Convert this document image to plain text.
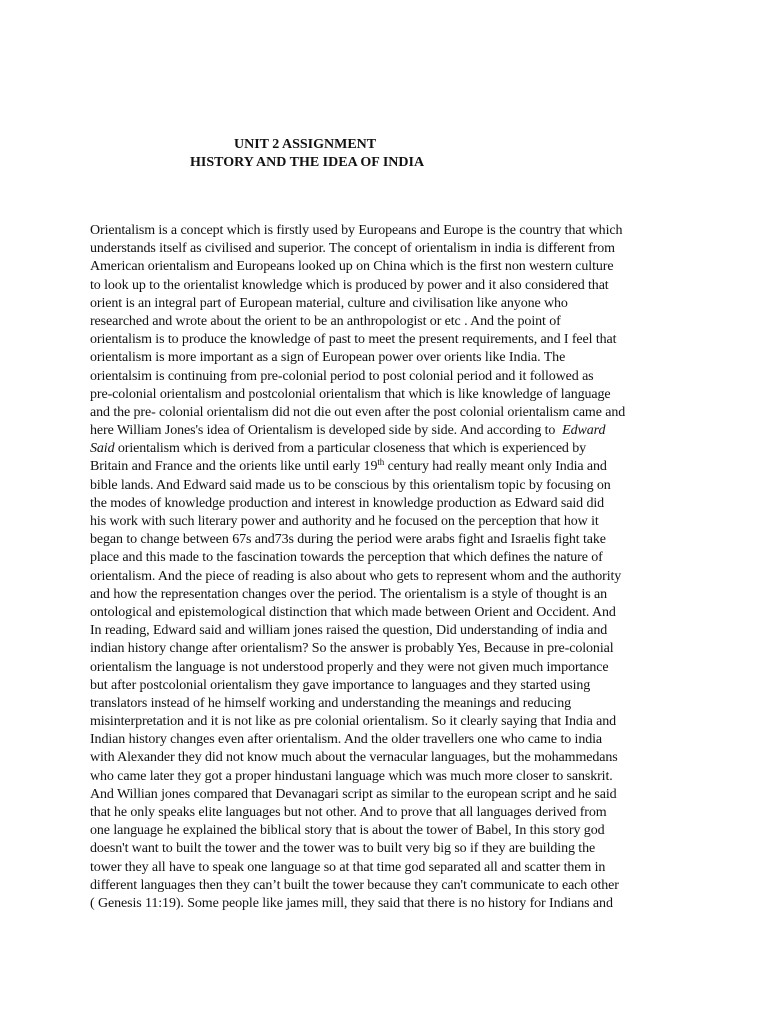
UNIT 2 ASSIGNMENT
HISTORY AND THE IDEA OF INDIA
Orientalism is a concept which is firstly used by Europeans and Europe is the country that which
understands itself as civilised and superior. The concept of orientalism in india is different from
American orientalism and Europeans looked up on China which is the first non western culture
to look up to the orientalist knowledge which is produced by power and it also considered that
orient is an integral part of European material, culture and civilisation like anyone who
researched and wrote about the orient to be an anthropologist or etc . And the point of
orientalism is to produce the knowledge of past to meet the present requirements, and I feel that
orientalism is more important as a sign of European power over orients like India. The
orientalsim is continuing from pre-colonial period to post colonial period and it followed as
pre-colonial orientalism and postcolonial orientalism that which is like knowledge of language
and the pre- colonial orientalism did not die out even after the post colonial orientalism came and
here William Jones's idea of Orientalism is developed side by side. And according to Edward
Said orientalism which is derived from a particular closeness that which is experienced by
Britain and France and the orients like until early 19th century had really meant only India and
bible lands. And Edward said made us to be conscious by this orientalism topic by focusing on
the modes of knowledge production and interest in knowledge production as Edward said did
his work with such literary power and authority and he focused on the perception that how it
began to change between 67s and73s during the period were arabs fight and Israelis fight take
place and this made to the fascination towards the perception that which defines the nature of
orientalism. And the piece of reading is also about who gets to represent whom and the authority
and how the representation changes over the period. The orientalism is a style of thought is an
ontological and epistemological distinction that which made between Orient and Occident. And
In reading, Edward said and william jones raised the question, Did understanding of india and
indian history change after orientalism? So the answer is probably Yes, Because in pre-colonial
orientalism the language is not understood properly and they were not given much importance
but after postcolonial orientalism they gave importance to languages and they started using
translators instead of he himself working and understanding the meanings and reducing
misinterpretation and it is not like as pre colonial orientalism. So it clearly saying that India and
Indian history changes even after orientalism. And the older travellers one who came to india
with Alexander they did not know much about the vernacular languages, but the mohammedans
who came later they got a proper hindustani language which was much more closer to sanskrit.
And Willian jones compared that Devanagari script as similar to the european script and he said
that he only speaks elite languages but not other. And to prove that all languages derived from
one language he explained the biblical story that is about the tower of Babel, In this story god
doesn't want to built the tower and the tower was to built very big so if they are building the
tower they all have to speak one language so at that time god separated all and scatter them in
different languages then they can’t built the tower because they can't communicate to each other
( Genesis 11:19). Some people like james mill, they said that there is no history for Indians and
